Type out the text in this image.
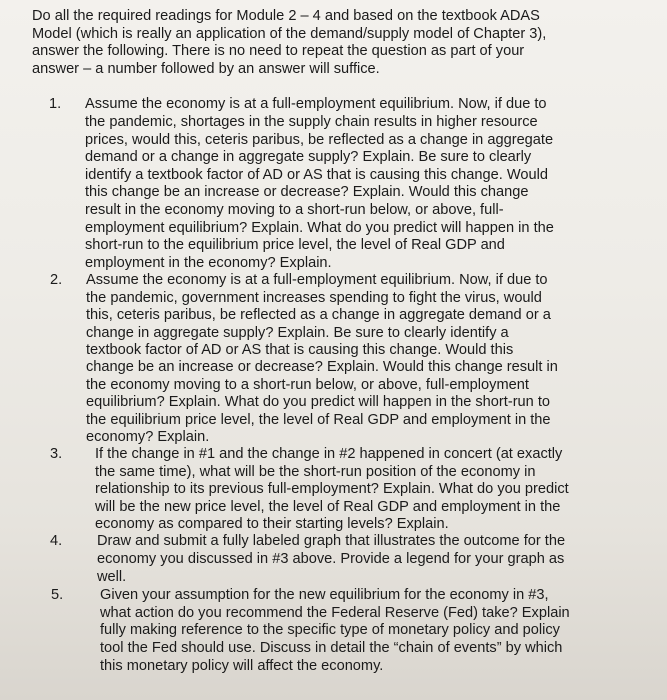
Do all the required readings for Module 2 – 4 and based on the textbook ADAS
Model (which is really an application of the demand/supply model of Chapter 3),
answer the following. There is no need to repeat the question as part of your
answer – a number followed by an answer will suffice.

1. Assume the economy is at a full-employment equilibrium. Now, if due to
the pandemic, shortages in the supply chain results in higher resource
prices, would this, ceteris paribus, be reflected as a change in aggregate
demand or a change in aggregate supply? Explain. Be sure to clearly
identify a textbook factor of AD or AS that is causing this change. Would
this change be an increase or decrease? Explain. Would this change
result in the economy moving to a short-run below, or above, full-
employment equilibrium? Explain. What do you predict will happen in the
short-run to the equilibrium price level, the level of Real GDP and
employment in the economy? Explain.
2. Assume the economy is at a full-employment equilibrium. Now, if due to
the pandemic, government increases spending to fight the virus, would
this, ceteris paribus, be reflected as a change in aggregate demand or a
change in aggregate supply? Explain. Be sure to clearly identify a
textbook factor of AD or AS that is causing this change. Would this
change be an increase or decrease? Explain. Would this change result in
the economy moving to a short-run below, or above, full-employment
equilibrium? Explain. What do you predict will happen in the short-run to
the equilibrium price level, the level of Real GDP and employment in the
economy? Explain.
3. If the change in #1 and the change in #2 happened in concert (at exactly
the same time), what will be the short-run position of the economy in
relationship to its previous full-employment? Explain. What do you predict
will be the new price level, the level of Real GDP and employment in the
economy as compared to their starting levels? Explain.
4. Draw and submit a fully labeled graph that illustrates the outcome for the
economy you discussed in #3 above. Provide a legend for your graph as
well.
5.	Given your assumption for the new equilibrium for the economy in #3,
what action do you recommend the Federal Reserve (Fed) take? Explain
fully making reference to the specific type of monetary policy and policy
tool the Fed should use. Discuss in detail the “chain of events” by which
this monetary policy will affect the economy.
